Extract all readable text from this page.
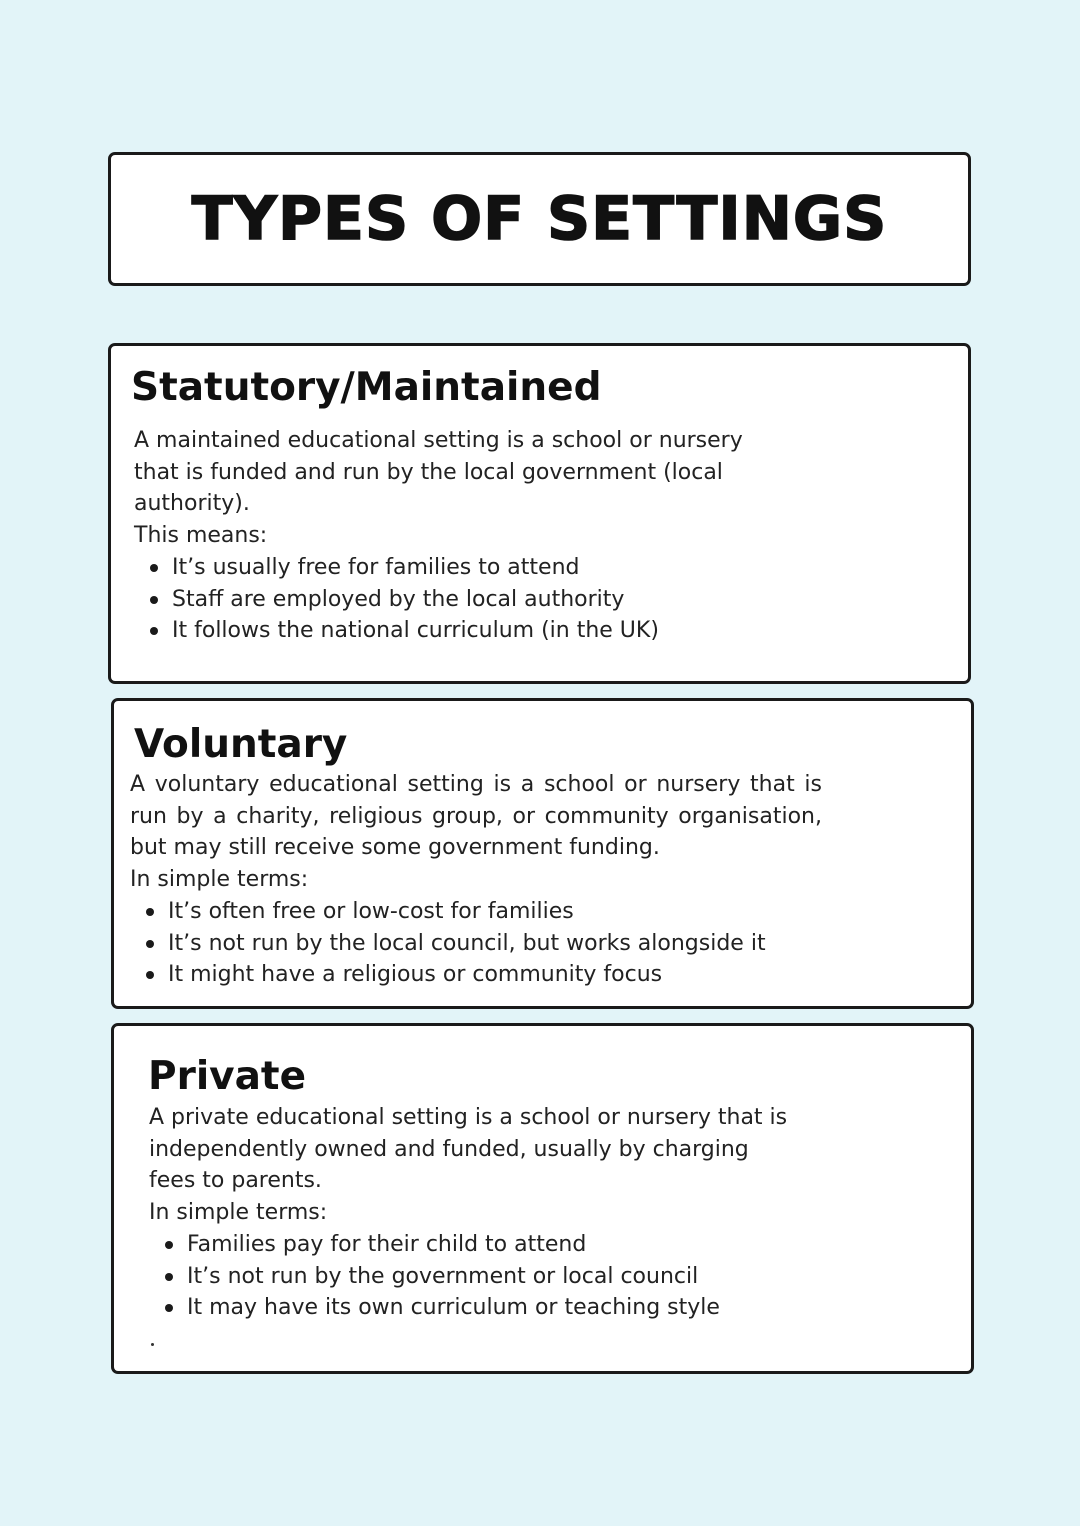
TYPES OF SETTINGS
Statutory/Maintained

A maintained educational setting is a school or nursery that is funded and run by the local government (local authority).

This means:

It’s usually free for families to attend
Staff are employed by the local authority
It follows the national curriculum (in the UK)
Voluntary

A voluntary educational setting is a school or nursery that is run by a charity, religious group, or community organisation, but may still receive some government funding.

In simple terms:

It’s often free or low-cost for families
It’s not run by the local council, but works alongside it
It might have a religious or community focus
Private

A private educational setting is a school or nursery that is independently owned and funded, usually by charging fees to parents.

In simple terms:

Families pay for their child to attend
It’s not run by the government or local council
It may have its own curriculum or teaching style
